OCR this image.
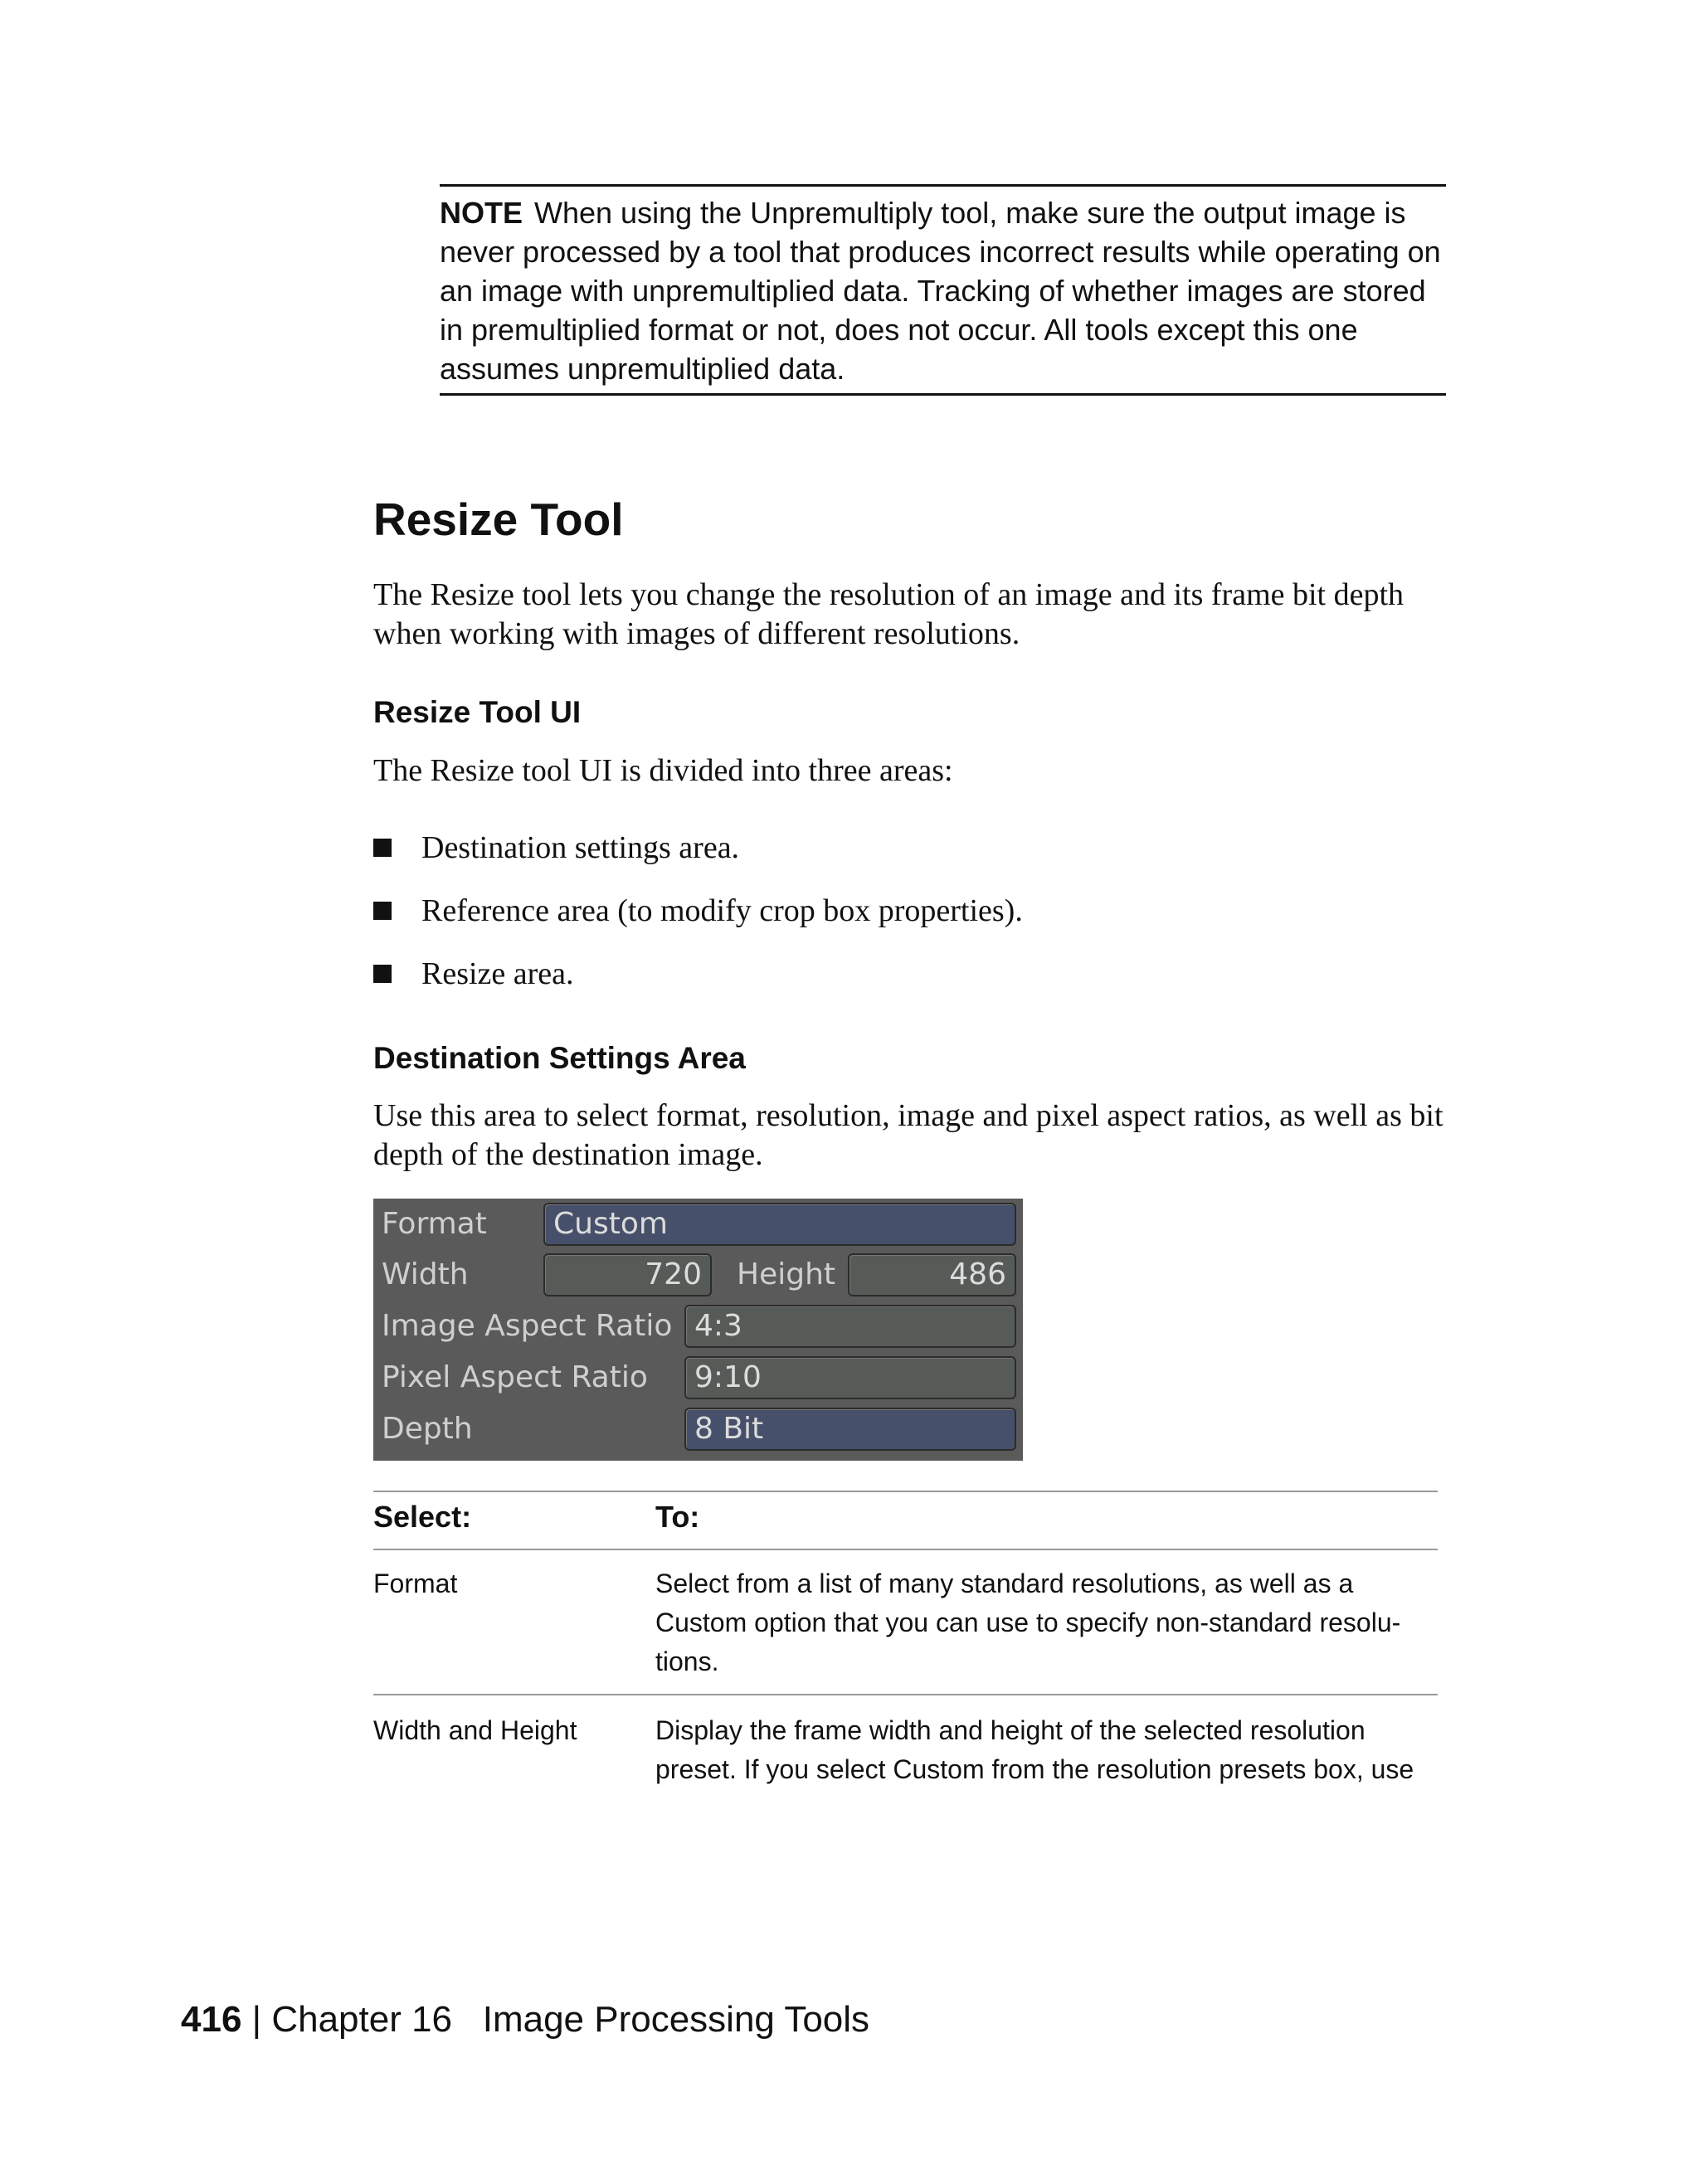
NOTE When using the Unpremultiply tool, make sure the output image is never processed by a tool that produces incorrect results while operating on an image with unpremultiplied data. Tracking of whether images are stored in premultiplied format or not, does not occur. All tools except this one assumes unpremultiplied data.
Resize Tool
The Resize tool lets you change the resolution of an image and its frame bit depth when working with images of different resolutions.
Resize Tool UI
The Resize tool UI is divided into three areas:
Destination settings area.
Reference area (to modify crop box properties).
Resize area.
Destination Settings Area
Use this area to select format, resolution, image and pixel aspect ratios, as well as bit depth of the destination image.
Format	Custom
Width	720	Height	486
Image Aspect Ratio 4:3
Pixel Aspect Ratio	9:10
Depth	8 Bit
Select:	To:
Format	Select from a list of many standard resolutions, as well as a
Custom option that you can use to specify non-standard resolu-
tions.
Width and Height	Display the frame width and height of the selected resolution
preset. If you select Custom from the resolution presets box, use
416 | Chapter 16 Image Processing Tools
